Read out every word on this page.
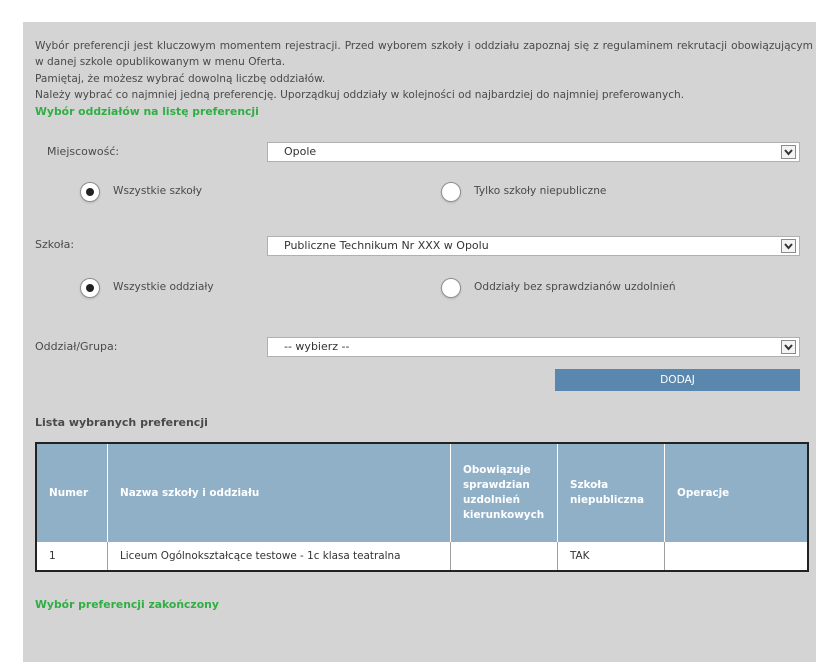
Wybór preferencji jest kluczowym momentem rejestracji. Przed wyborem szkoły i oddziału zapoznaj się z regulaminem rekrutacji obowiązującym w danej szkole opublikowanym w menu Oferta.

Pamiętaj, że możesz wybrać dowolną liczbę oddziałów.

Należy wybrać co najmniej jedną preferencję. Uporządkuj oddziały w kolejności od najbardziej do najmniej preferowanych.

Wybór oddziałów na listę preferencji

Miejscowość:	Opole
Wszystkie szkoły	Tylko szkoły niepubliczne
Szkoła:	Publiczne Technikum Nr XXX w Opolu
Wszystkie oddziały	Oddziały bez sprawdzianów uzdolnień
Oddział/Grupa:	-- wybierz --
DODAJ
Lista wybranych preferencji
Numer	Nazwa szkoły i oddziału	Obowiązuje sprawdzian uzdolnień kierunkowych	Szkoła niepubliczna	Operacje
1	Liceum Ogólnokształcące testowe - 1c klasa teatralna		TAK	
Wybór preferencji zakończony
